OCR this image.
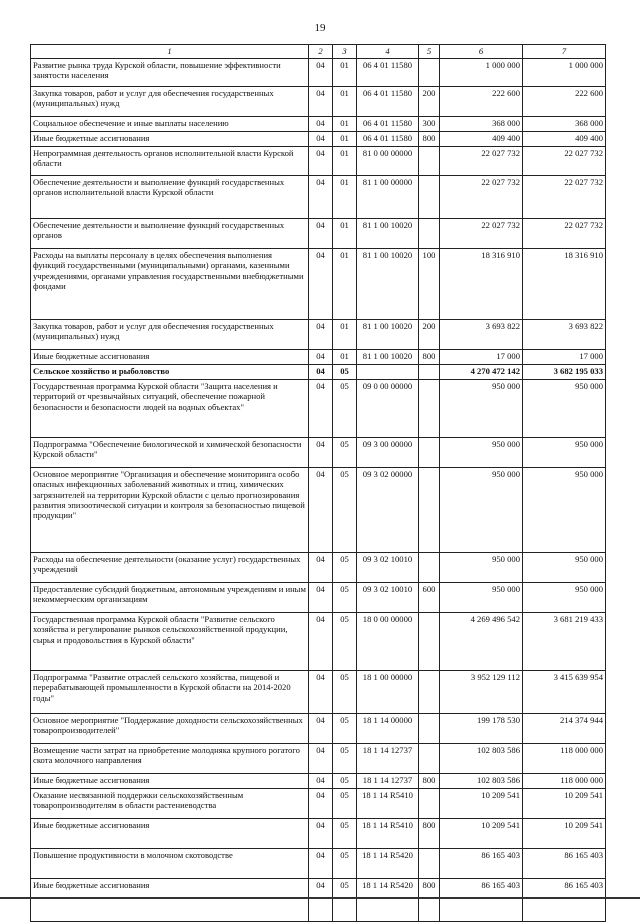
19
1	2	3	4	5	6	7
Развитие рынка труда Курской области, повышение эффективности занятости населения	04	01	06 4 01 11580		1 000 000	1 000 000
Закупка товаров, работ и услуг для обеспечения государственных (муниципальных) нужд	04	01	06 4 01 11580	200	222 600	222 600
Социальное обеспечение и иные выплаты населению	04	01	06 4 01 11580	300	368 000	368 000
Иные бюджетные ассигнования	04	01	06 4 01 11580	800	409 400	409 400
Непрограммная деятельность органов исполнительной власти Курской области	04	01	81 0 00 00000		22 027 732	22 027 732
Обеспечение деятельности и выполнение функций государственных органов исполнительной власти Курской области	04	01	81 1 00 00000		22 027 732	22 027 732
Обеспечение деятельности и выполнение функций государственных органов	04	01	81 1 00 10020		22 027 732	22 027 732
Расходы на выплаты персоналу в целях обеспечения выполнения функций государственными (муниципальными) органами, казенными учреждениями, органами управления государственными внебюджетными фондами	04	01	81 1 00 10020	100	18 316 910	18 316 910
Закупка товаров, работ и услуг для обеспечения государственных (муниципальных) нужд	04	01	81 1 00 10020	200	3 693 822	3 693 822
Иные бюджетные ассигнования	04	01	81 1 00 10020	800	17 000	17 000
Сельское хозяйство и рыболовство	04	05			4 270 472 142	3 682 195 033
Государственная программа Курской области "Защита населения и территорий от чрезвычайных ситуаций, обеспечение пожарной безопасности и безопасности людей на водных объектах"	04	05	09 0 00 00000		950 000	950 000
Подпрограмма "Обеспечение биологической и химической безопасности Курской области"	04	05	09 3 00 00000		950 000	950 000
Основное мероприятие "Организация и обеспечение мониторинга особо опасных инфекционных заболеваний животных и птиц, химических загрязнителей на территории Курской области с целью прогнозирования развития эпизоотической ситуации и контроля за безопасностью пищевой продукции"	04	05	09 3 02 00000		950 000	950 000
Расходы на обеспечение деятельности (оказание услуг) государственных учреждений	04	05	09 3 02 10010		950 000	950 000
Предоставление субсидий бюджетным, автономным учреждениям и иным некоммерческим организациям	04	05	09 3 02 10010	600	950 000	950 000
Государственная программа Курской области "Развитие сельского хозяйства и регулирование рынков сельскохозяйственной продукции, сырья и продовольствия в Курской области"	04	05	18 0 00 00000		4 269 496 542	3 681 219 433
Подпрограмма "Развитие отраслей сельского хозяйства, пищевой и перерабатывающей промышленности в Курской области на 2014-2020 годы"	04	05	18 1 00 00000		3 952 129 112	3 415 639 954
Основное мероприятие "Поддержание доходности сельскохозяйственных товаропроизводителей"	04	05	18 1 14 00000		199 178 530	214 374 944
Возмещение части затрат на приобретение молодняка крупного рогатого скота молочного направления	04	05	18 1 14 12737		102 803 586	118 000 000
Иные бюджетные ассигнования	04	05	18 1 14 12737	800	102 803 586	118 000 000
Оказание несвязанной поддержки сельскохозяйственным товаропроизводителям в области растениеводства	04	05	18 1 14 R5410		10 209 541	10 209 541
Иные бюджетные ассигнования	04	05	18 1 14 R5410	800	10 209 541	10 209 541
Повышение продуктивности в молочном скотоводстве	04	05	18 1 14 R5420		86 165 403	86 165 403
Иные бюджетные ассигнования	04	05	18 1 14 R5420	800	86 165 403	86 165 403
